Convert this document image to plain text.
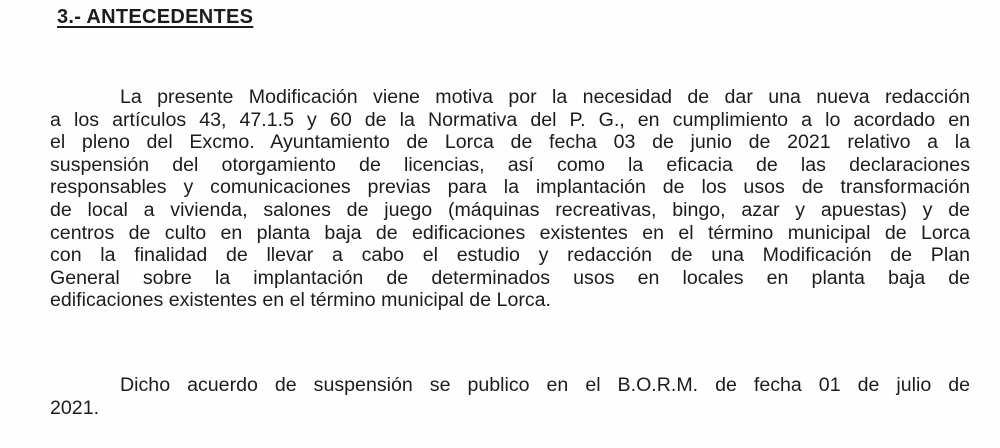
3.- ANTECEDENTES
La presente Modificación viene motiva por la necesidad de dar una nueva redacción
a los artículos 43, 47.1.5 y 60 de la Normativa del P. G., en cumplimiento a lo acordado en
el pleno del Excmo. Ayuntamiento de Lorca de fecha 03 de junio de 2021 relativo a la
suspensión del otorgamiento de licencias, así como la eficacia de las declaraciones
responsables y comunicaciones previas para la implantación de los usos de transformación
de local a vivienda, salones de juego (máquinas recreativas, bingo, azar y apuestas) y de
centros de culto en planta baja de edificaciones existentes en el término municipal de Lorca
con la finalidad de llevar a cabo el estudio y redacción de una Modificación de Plan
General sobre la implantación de determinados usos en locales en planta baja de
edificaciones existentes en el término municipal de Lorca.
Dicho acuerdo de suspensión se publico en el B.O.R.M. de fecha 01 de julio de
2021.
